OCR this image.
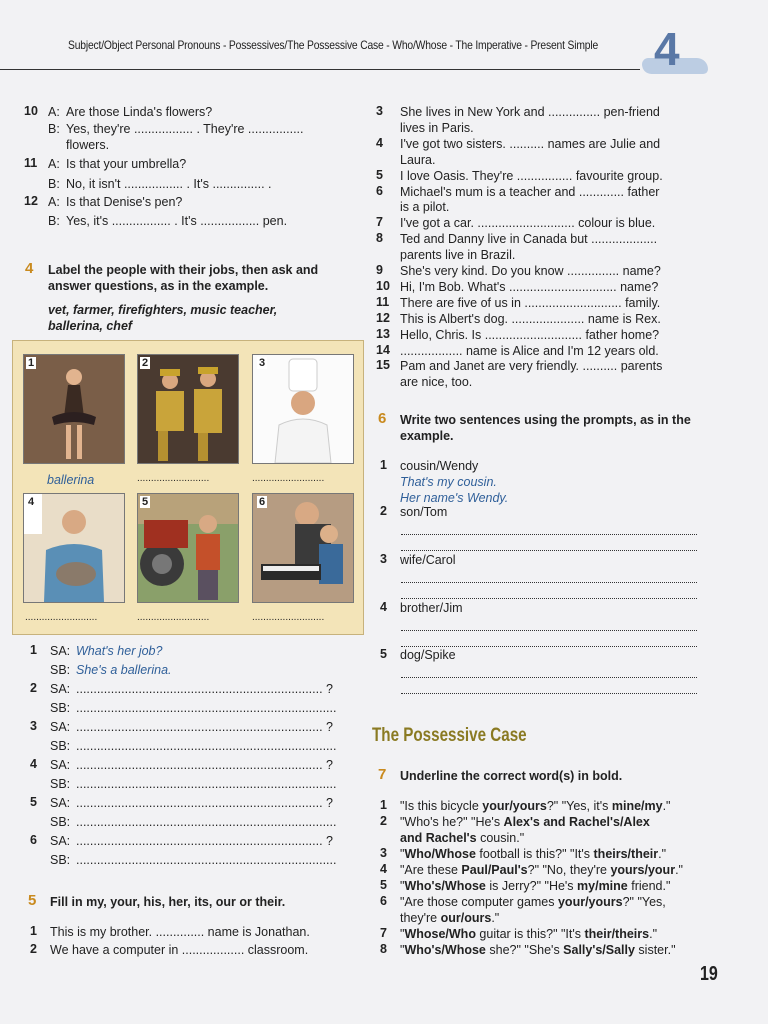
Subject/Object Personal Pronouns - Possessives/The Possessive Case - Who/Whose - The Imperative - Present Simple 4
10 A: Are those Linda's flowers?
B: Yes, they're ................. . They're ................
flowers.
11 A: Is that your umbrella?
B: No, it isn't ................. . It's ............... .
12 A: Is that Denise's pen?
B: Yes, it's ................. . It's ................. pen.
4 Label the people with their jobs, then ask and
answer questions, as in the example.
vet, farmer, firefighters, music teacher,
ballerina, chef
1	2	3
ballerina	..........................	..........................
4	5	6
..........................	..........................	..........................
1 SA: What's her job?
SB: She's a ballerina.
2 SA: ....................................................................... ?
SB: ...........................................................................
3 SA: ....................................................................... ?
SB: ...........................................................................
4 SA: ....................................................................... ?
SB: ...........................................................................
5 SA: ....................................................................... ?
SB: ...........................................................................
6 SA: ....................................................................... ?
SB: ...........................................................................
5 Fill in my, your, his, her, its, our or their.
1 This is my brother. .............. name is Jonathan.
2 We have a computer in .................. classroom.
3 She lives in New York and ............... pen-friend
lives in Paris.
4 I've got two sisters. .......... names are Julie and
Laura.
5 I love Oasis. They're ................ favourite group.
6 Michael's mum is a teacher and ............. father
is a pilot.
7 I've got a car. ............................ colour is blue.
8 Ted and Danny live in Canada but ...................
parents live in Brazil.
9 She's very kind. Do you know ............... name?
10 Hi, I'm Bob. What's ............................... name?
11 There are five of us in ............................ family.
12 This is Albert's dog. ..................... name is Rex.
13 Hello, Chris. Is ............................ father home?
14 .................. name is Alice and I'm 12 years old.
15 Pam and Janet are very friendly. .......... parents
are nice, too.
6 Write two sentences using the prompts, as in the
example.
1 cousin/Wendy
That's my cousin.
Her name's Wendy.
2 son/Tom
3 wife/Carol
4 brother/Jim
5 dog/Spike
The Possessive Case
7 Underline the correct word(s) in bold.
1 "Is this bicycle your/yours?" "Yes, it's mine/my."
2 "Who's he?" "He's Alex's and Rachel's/Alex
and Rachel's cousin."
3 "Who/Whose football is this?" "It's theirs/their."
4 "Are these Paul/Paul's?" "No, they're yours/your."
5 "Who's/Whose is Jerry?" "He's my/mine friend."
6 "Are those computer games your/yours?" "Yes,
they're our/ours."
7 "Whose/Who guitar is this?" "It's their/theirs."
8 "Who's/Whose she?" "She's Sally's/Sally sister."
19
